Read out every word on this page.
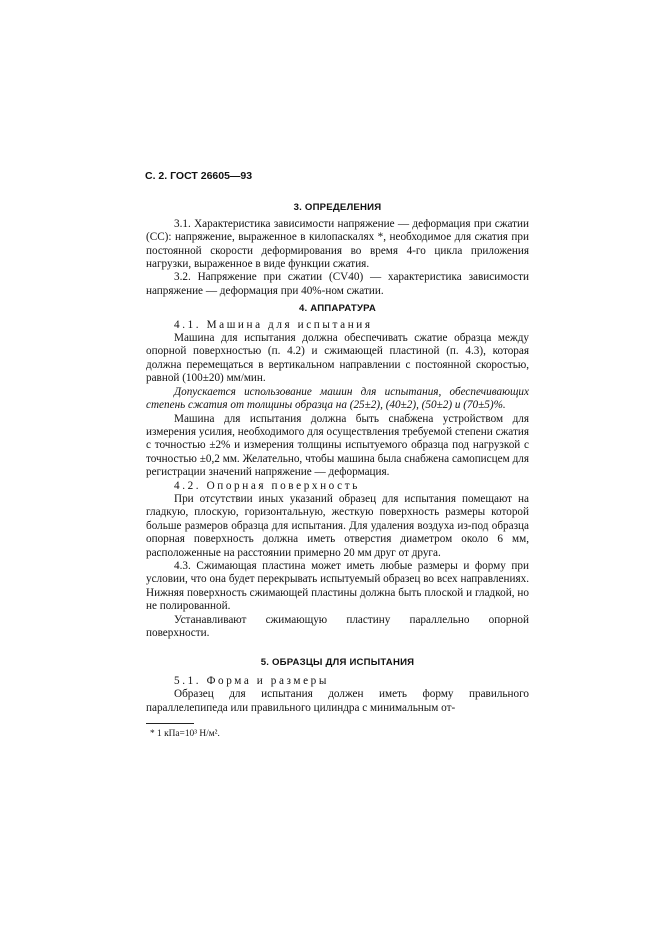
С. 2. ГОСТ 26605—93
3. ОПРЕДЕЛЕНИЯ

3.1. Характеристика зависимости напряжение — деформация при сжатии (CC): напряжение, выраженное в килопаскалях *, необходимое для сжатия при постоянной скорости деформирования во время 4-го цикла приложения нагрузки, выраженное в виде функции сжатия.

3.2. Напряжение при сжатии (CV40) — характеристика зависимости напряжение — деформация при 40%-ном сжатии.

4. АППАРАТУРА

4.1. Машина для испытания

Машина для испытания должна обеспечивать сжатие образца между опорной поверхностью (п. 4.2) и сжимающей пластиной (п. 4.3), которая должна перемещаться в вертикальном направлении с постоянной скоростью, равной (100±20) мм/мин.

Допускается использование машин для испытания, обеспечивающих степень сжатия от толщины образца на (25±2), (40±2), (50±2) и (70±5)%.

Машина для испытания должна быть снабжена устройством для измерения усилия, необходимого для осуществления требуемой степени сжатия с точностью ±2% и измерения толщины испытуемого образца под нагрузкой с точностью ±0,2 мм. Желательно, чтобы машина была снабжена самописцем для регистрации значений напряжение — деформация.

4.2. Опорная поверхность

При отсутствии иных указаний образец для испытания помещают на гладкую, плоскую, горизонтальную, жесткую поверхность размеры которой больше размеров образца для испытания. Для удаления воздуха из-под образца опорная поверхность должна иметь отверстия диаметром около 6 мм, расположенные на расстоянии примерно 20 мм друг от друга.

4.3. Сжимающая пластина может иметь любые размеры и форму при условии, что она будет перекрывать испытуемый образец во всех направлениях. Нижняя поверхность сжимающей пластины должна быть плоской и гладкой, но не полированной.

Устанавливают сжимающую пластину параллельно опорной поверхности.

5. ОБРАЗЦЫ ДЛЯ ИСПЫТАНИЯ

5.1. Форма и размеры

Образец для испытания должен иметь форму правильного параллелепипеда или правильного цилиндра с минимальным от-

* 1 кПа=10³ Н/м².
